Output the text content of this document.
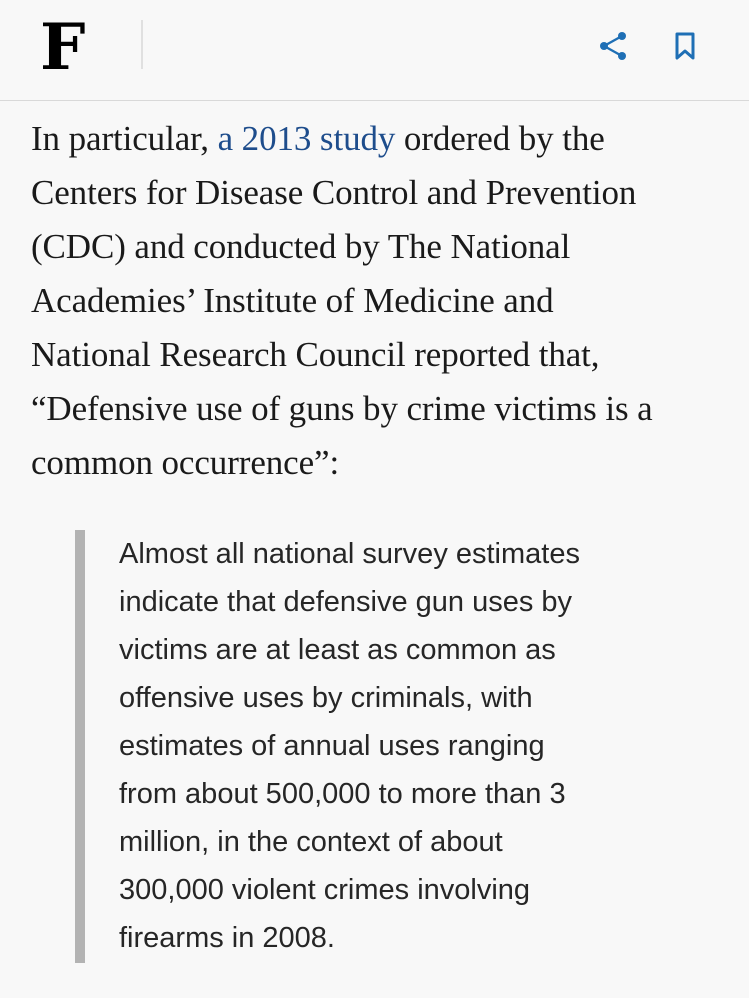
F

In particular, a 2013 study ordered by the
Centers for Disease Control and Prevention
(CDC) and conducted by The National
Academies’ Institute of Medicine and
National Research Council reported that,
“Defensive use of guns by crime victims is a
common occurrence”:

Almost all national survey estimates
indicate that defensive gun uses by
victims are at least as common as
offensive uses by criminals, with
estimates of annual uses ranging
from about 500,000 to more than 3
million, in the context of about
300,000 violent crimes involving
firearms in 2008.
